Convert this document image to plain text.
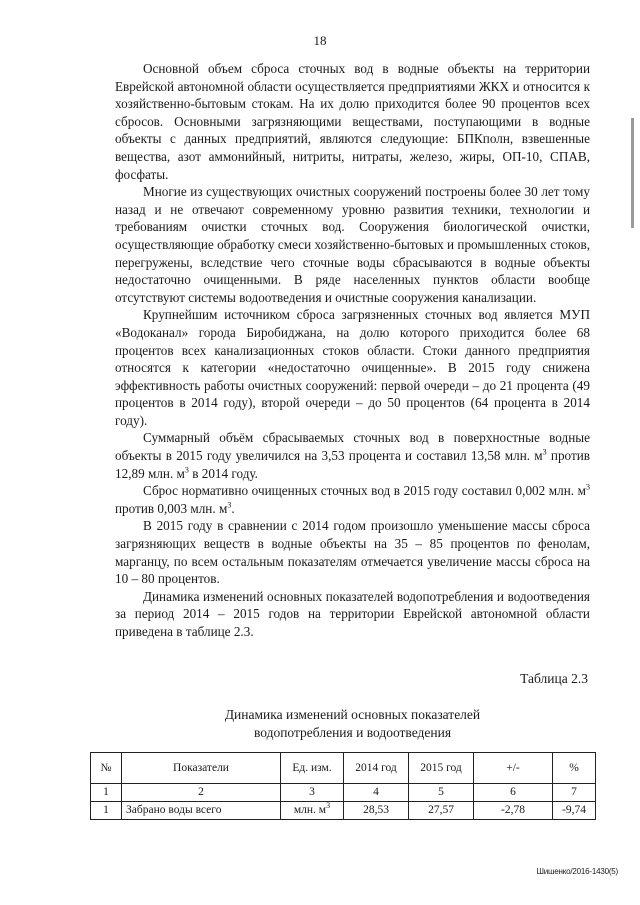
18

Основной объем сброса сточных вод в водные объекты на территории Еврейской автономной области осуществляется предприятиями ЖКХ и относится к хозяйственно-бытовым стокам. На их долю приходится более 90 процентов всех сбросов. Основными загрязняющими веществами, поступающими в водные объекты с данных предприятий, являются следующие: БПКполн, взвешенные вещества, азот аммонийный, нитриты, нитраты, железо, жиры, ОП-10, СПАВ, фосфаты.

Многие из существующих очистных сооружений построены более 30 лет тому назад и не отвечают современному уровню развития техники, технологии и требованиям очистки сточных вод. Сооружения биологической очистки, осуществляющие обработку смеси хозяйственно-бытовых и промышленных стоков, перегружены, вследствие чего сточные воды сбрасываются в водные объекты недостаточно очищенными. В ряде населенных пунктов области вообще отсутствуют системы водоотведения и очистные сооружения канализации.

Крупнейшим источником сброса загрязненных сточных вод является МУП «Водоканал» города Биробиджана, на долю которого приходится более 68 процентов всех канализационных стоков области. Стоки данного предприятия относятся к категории «недостаточно очищенные». В 2015 году снижена эффективность работы очистных сооружений: первой очереди – до 21 процента (49 процентов в 2014 году), второй очереди – до 50 процентов (64 процента в 2014 году).

Суммарный объём сбрасываемых сточных вод в поверхностные водные объекты в 2015 году увеличился на 3,53 процента и составил 13,58 млн. $м^3$ против 12,89 млн. $м^3$ в 2014 году.

Сброс нормативно очищенных сточных вод в 2015 году составил 0,002 млн. $м^3$ против 0,003 млн. $м^3$.

В 2015 году в сравнении с 2014 годом произошло уменьшение массы сброса загрязняющих веществ в водные объекты на 35 – 85 процентов по фенолам, марганцу, по всем остальным показателям отмечается увеличение массы сброса на 10 – 80 процентов.

Динамика изменений основных показателей водопотребления и водоотведения за период 2014 – 2015 годов на территории Еврейской автономной области приведена в таблице 2.3.

Таблица 2.3
Динамика изменений основных показателей
водопотребления и водоотведения
№	Показатели	Ед. изм.	2014 год	2015 год	+/-	%
1	2	3	4	5	6	7
1	Забрано воды всего	млн. $м^3$	28,53	27,57	-2,78	-9,74
Шишенко/2016-1430(5)
